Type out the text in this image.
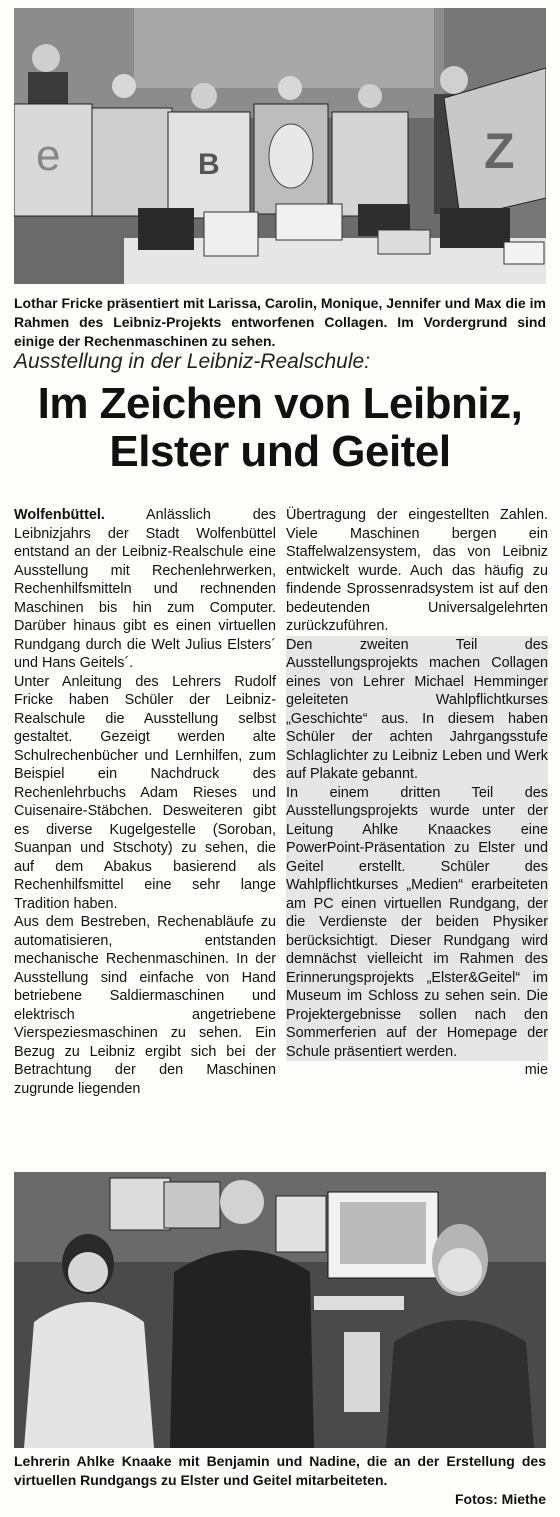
e	B	Z
Lothar Fricke präsentiert mit Larissa, Carolin, Monique, Jennifer und Max die im Rahmen des Leibniz-Projekts entworfenen Collagen. Im Vordergrund sind einige der Rechenmaschinen zu sehen.
Ausstellung in der Leibniz-Realschule:
Im Zeichen von Leibniz,
Elster und Geitel

Wolfenbüttel.	Anlässlich des Leibnizjahrs der Stadt Wolfenbüttel entstand an der Leibniz-Realschule eine Ausstellung mit Rechenlehrwerken, Rechenhilfsmitteln und rechnenden Maschinen bis hin zum Computer. Darüber hinaus gibt es einen virtuellen Rundgang durch die Welt Julius Elsters´ und Hans Geitels´.

Unter Anleitung des Lehrers Rudolf Fricke haben Schüler der Leibniz-Realschule die Ausstellung selbst gestaltet. Gezeigt werden alte Schulrechenbücher und Lernhilfen, zum Beispiel ein Nachdruck des Rechenlehrbuchs Adam Rieses und Cuisenaire-Stäbchen. Desweiteren gibt es diverse Kugelgestelle (Soroban, Suanpan und Stschoty) zu sehen, die auf dem Abakus basierend als Rechenhilfsmittel eine sehr lange Tradition haben.

Aus dem Bestreben, Rechenabläufe zu automatisieren, entstanden mechanische Rechenmaschinen. In der Ausstellung sind einfache von Hand betriebene Saldiermaschinen und elektrisch angetriebene Vierspeziesmaschinen zu sehen. Ein Bezug zu Leibniz ergibt sich bei der Betrachtung der den Maschinen zugrunde liegenden

Übertragung der eingestellten Zahlen. Viele Maschinen bergen ein Staffelwalzensystem, das von Leibniz entwickelt wurde. Auch das häufig zu findende Sprossenradsystem ist auf den bedeutenden Universalgelehrten zurückzuführen.

Den zweiten Teil des Ausstellungsprojekts machen Collagen eines von Lehrer Michael Hemminger geleiteten Wahlpflichtkurses „Geschichte“ aus. In diesem haben Schüler der achten Jahrgangsstufe Schlaglichter zu Leibniz Leben und Werk auf Plakate gebannt.

In einem dritten Teil des Ausstellungsprojekts wurde unter der Leitung Ahlke Knaackes eine PowerPoint-Präsentation zu Elster und Geitel erstellt. Schüler des Wahlpflichtkurses „Medien“ erarbeiteten am PC einen virtuellen Rundgang, der die Verdienste der beiden Physiker berücksichtigt. Dieser Rundgang wird demnächst vielleicht im Rahmen des Erinnerungsprojekts „Elster&Geitel“ im Museum im Schloss zu sehen sein. Die Projektergebnisse sollen nach den Sommerferien auf der Homepage der Schule präsentiert werden.

mie
Lehrerin Ahlke Knaake mit Benjamin und Nadine, die an der Erstellung des virtuellen Rundgangs zu Elster und Geitel mitarbeiteten.
Fotos: Miethe
